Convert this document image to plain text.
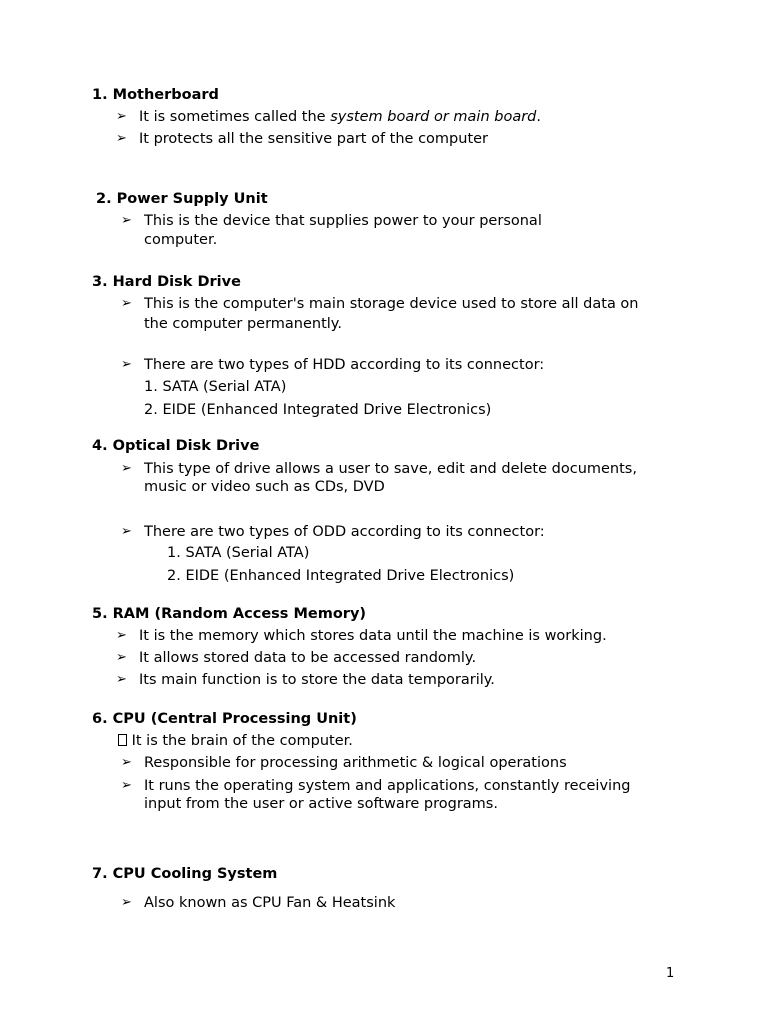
1. Motherboard
➢ It is sometimes called the system board or main board.
➢ It protects all the sensitive part of the computer
2. Power Supply Unit
➢ This is the device that supplies power to your personal
computer.
3. Hard Disk Drive
➢ This is the computer's main storage device used to store all data on
the computer permanently.
➢ There are two types of HDD according to its connector:
1. SATA (Serial ATA)
2. EIDE (Enhanced Integrated Drive Electronics)
4. Optical Disk Drive
➢ This type of drive allows a user to save, edit and delete documents,
music or video such as CDs, DVD
➢ There are two types of ODD according to its connector:
1. SATA (Serial ATA)
2. EIDE (Enhanced Integrated Drive Electronics)
5. RAM (Random Access Memory)
➢ It is the memory which stores data until the machine is working.
➢ It allows stored data to be accessed randomly.
➢ Its main function is to store the data temporarily.
6. CPU (Central Processing Unit)
It is the brain of the computer.
➢ Responsible for processing arithmetic & logical operations
➢ It runs the operating system and applications, constantly receiving
input from the user or active software programs.
7. CPU Cooling System
➢ Also known as CPU Fan & Heatsink
1
